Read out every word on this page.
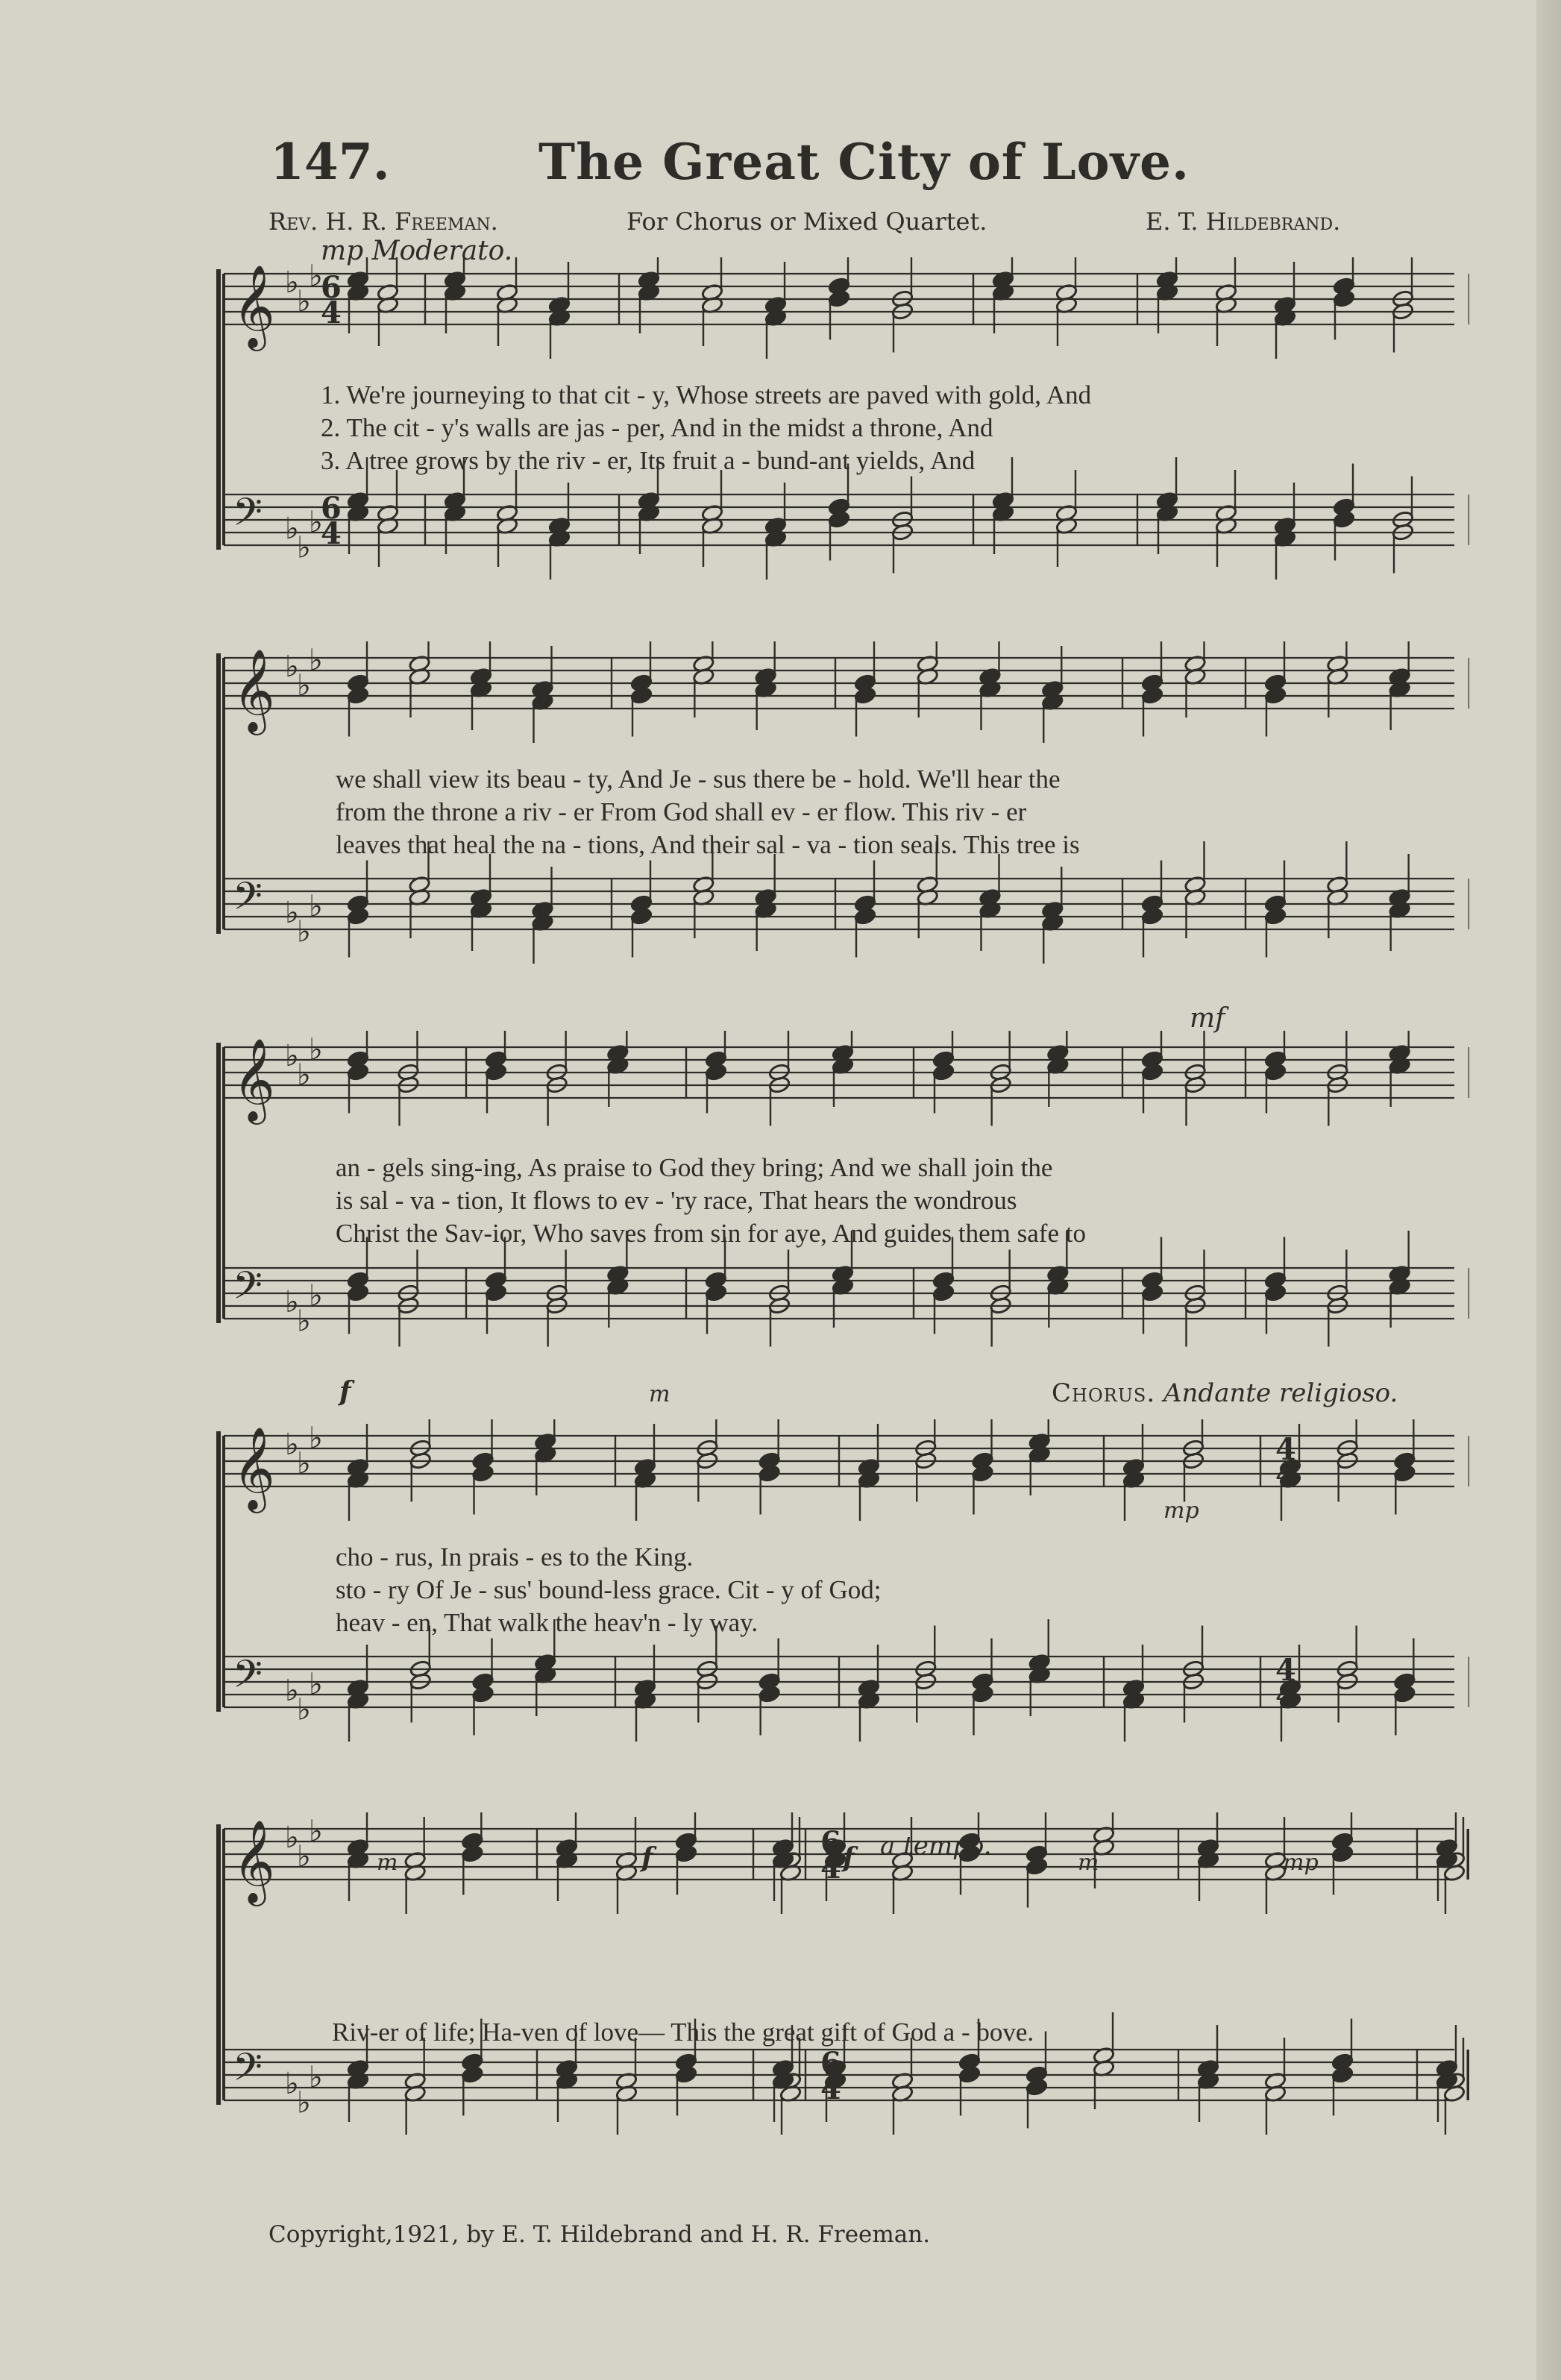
147.	The Great City of Love.
Rev. H. R. Freeman.	For Chorus or Mixed Quartet.	E. T. Hildebrand.
mp Moderato.
𝄞 ♭
♭
♭
𝄢 ♭
♭
♭
6
4
6
4
1. We're journeying to that cit - y, Whose streets are paved with gold, And
2. The cit - y's walls are jas - per, And in the midst a throne, And
3. A tree grows by the riv - er, Its fruit a - bund-ant yields, And
𝄞 ♭
♭
♭
𝄢 ♭
♭
♭
we shall view its beau - ty, And Je - sus there be - hold. We'll hear the
from the throne a riv - er From God shall ev - er flow. This riv - er
leaves that heal the na - tions, And their sal - va - tion seals. This tree is
𝄞 ♭
♭
♭
𝄢 ♭
♭
♭
mf
an - gels sing-ing, As praise to God they bring; And we shall join the
is sal - va - tion, It flows to ev - 'ry race, That hears the wondrous
Christ the Sav-ior, Who saves from sin for aye, And guides them safe to
𝄞 ♭
♭
♭
𝄢 ♭
♭
♭
4
4
4
4
f	m	Chorus. Andante religioso.
mp
cho - rus, In prais - es to the King.
sto - ry Of Je - sus' bound-less grace. Cit - y of God;
heav - en, That walk the heav'n - ly way.
𝄞 ♭
♭
♭
𝄢 ♭
♭
♭
6
4
6
4
m	f	a tempo.
f	m	mp
Riv-er of life; Ha-ven of love— This the great gift of God a - bove.
Copyright,1921, by E. T. Hildebrand and H. R. Freeman.
